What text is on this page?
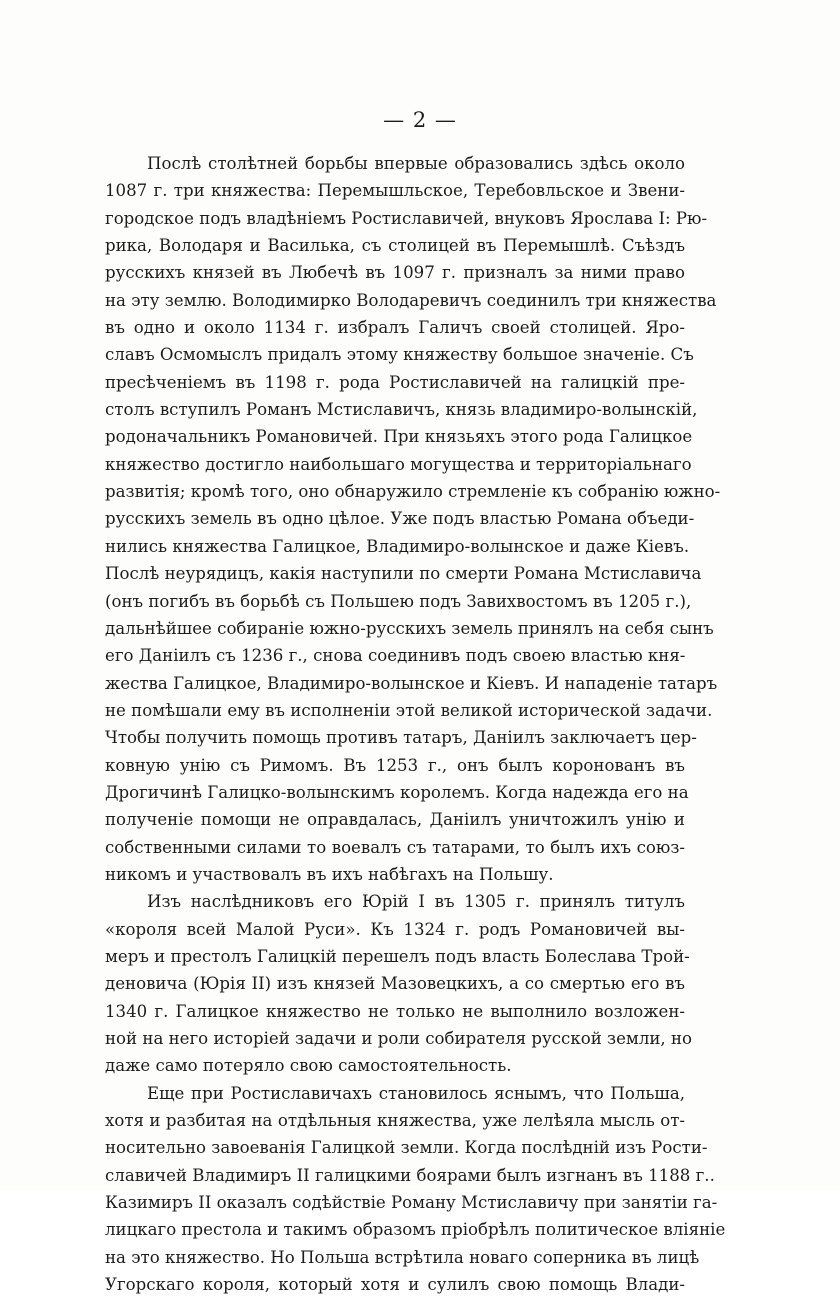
— 2 —
Послѣ столѣтней борьбы впервые образовались здѣсь около
1087 г. три княжества: Перемышльское, Теребовльское и Звени-
городское подъ владѣніемъ Ростиславичей, внуковъ Ярослава I: Рю-
рика, Володаря и Василька, съ столицей въ Перемышлѣ. Съѣздъ
русскихъ князей въ Любечѣ въ 1097 г. призналъ за ними право
на эту землю. Володимирко Володаревичъ соединилъ три княжества
въ одно и около 1134 г. избралъ Галичъ своей столицей. Яро-
славъ Осмомыслъ придалъ этому княжеству большое значеніе. Съ
пресѣченіемъ въ 1198 г. рода Ростиславичей на галицкій пре-
столъ вступилъ Романъ Мстиславичъ, князь владимиро-волынскій,
родоначальникъ Романовичей. При князьяхъ этого рода Галицкое
княжество достигло наибольшаго могущества и территоріальнаго
развитія; кромѣ того, оно обнаружило стремленіе къ собранію южно-
русскихъ земель въ одно цѣлое. Уже подъ властью Романа объеди-
нились княжества Галицкое, Владимиро-волынское и даже Кіевъ.
Послѣ неурядицъ, какія наступили по смерти Романа Мстиславича
(онъ погибъ въ борьбѣ съ Польшею подъ Завихвостомъ въ 1205 г.),
дальнѣйшее собираніе южно-русскихъ земель принялъ на себя сынъ
его Даніилъ съ 1236 г., снова соединивъ подъ своею властью кня-
жества Галицкое, Владимиро-волынское и Кіевъ. И нападеніе татаръ
не помѣшали ему въ исполненіи этой великой исторической задачи.
Чтобы получить помощь противъ татаръ, Даніилъ заключаетъ цер-
ковную унію съ Римомъ. Въ 1253 г., онъ былъ коронованъ въ
Дрогичинѣ Галицко-волынскимъ королемъ. Когда надежда его на
полученіе помощи не оправдалась, Даніилъ уничтожилъ унію и
собственными силами то воевалъ съ татарами, то былъ ихъ союз-
никомъ и участвовалъ въ ихъ набѣгахъ на Польшу.
Изъ наслѣдниковъ его Юрій I въ 1305 г. принялъ титулъ
«короля всей Малой Руси». Къ 1324 г. родъ Романовичей вы-
меръ и престолъ Галицкій перешелъ подъ власть Болеслава Трой-
деновича (Юрія II) изъ князей Мазовецкихъ, а со смертью его въ
1340 г. Галицкое княжество не только не выполнило возложен-
ной на него исторіей задачи и роли собирателя русской земли, но
даже само потеряло свою самостоятельность.
Еще при Ростиславичахъ становилось яснымъ, что Польша,
хотя и разбитая на отдѣльныя княжества, уже лелѣяла мысль от-
носительно завоеванія Галицкой земли. Когда послѣдній изъ Рости-
славичей Владимиръ II галицкими боярами былъ изгнанъ въ 1188 г..
Казимиръ II оказалъ содѣйствіе Роману Мстиславичу при занятіи га-
лицкаго престола и такимъ образомъ пріобрѣлъ политическое вліяніе
на это княжество. Но Польша встрѣтила новаго соперника въ лицѣ
Угорскаго короля, который хотя и сулилъ свою помощь Влади-
